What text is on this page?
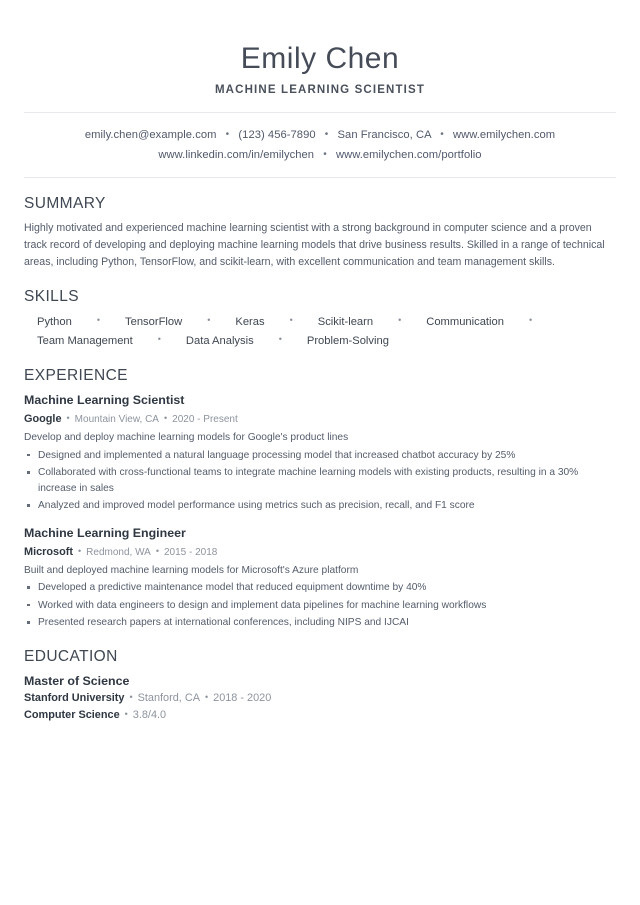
Emily Chen
MACHINE LEARNING SCIENTIST
emily.chen@example.com • (123) 456-7890 • San Francisco, CA • www.emilychen.com
www.linkedin.com/in/emilychen • www.emilychen.com/portfolio
SUMMARY

Highly motivated and experienced machine learning scientist with a strong background in computer science and a proven track record of developing and deploying machine learning models that drive business results. Skilled in a range of technical areas, including Python, TensorFlow, and scikit-learn, with excellent communication and team management skills.

SKILLS
Python	• TensorFlow	• Keras	• Scikit-learn	• Communication	•Team Management	• Data Analysis	• Problem-Solving
EXPERIENCE
Machine Learning Scientist
Google • Mountain View, CA • 2020 - Present
Develop and deploy machine learning models for Google's product lines
Designed and implemented a natural language processing model that increased chatbot accuracy by 25%
Collaborated with cross-functional teams to integrate machine learning models with existing products, resulting in a 30% increase in sales
Analyzed and improved model performance using metrics such as precision, recall, and F1 score
Machine Learning Engineer
Microsoft • Redmond, WA • 2015 - 2018
Built and deployed machine learning models for Microsoft's Azure platform
Developed a predictive maintenance model that reduced equipment downtime by 40%
Worked with data engineers to design and implement data pipelines for machine learning workflows
Presented research papers at international conferences, including NIPS and IJCAI
EDUCATION
Master of Science
Stanford University • Stanford, CA • 2018 - 2020
Computer Science • 3.8/4.0
